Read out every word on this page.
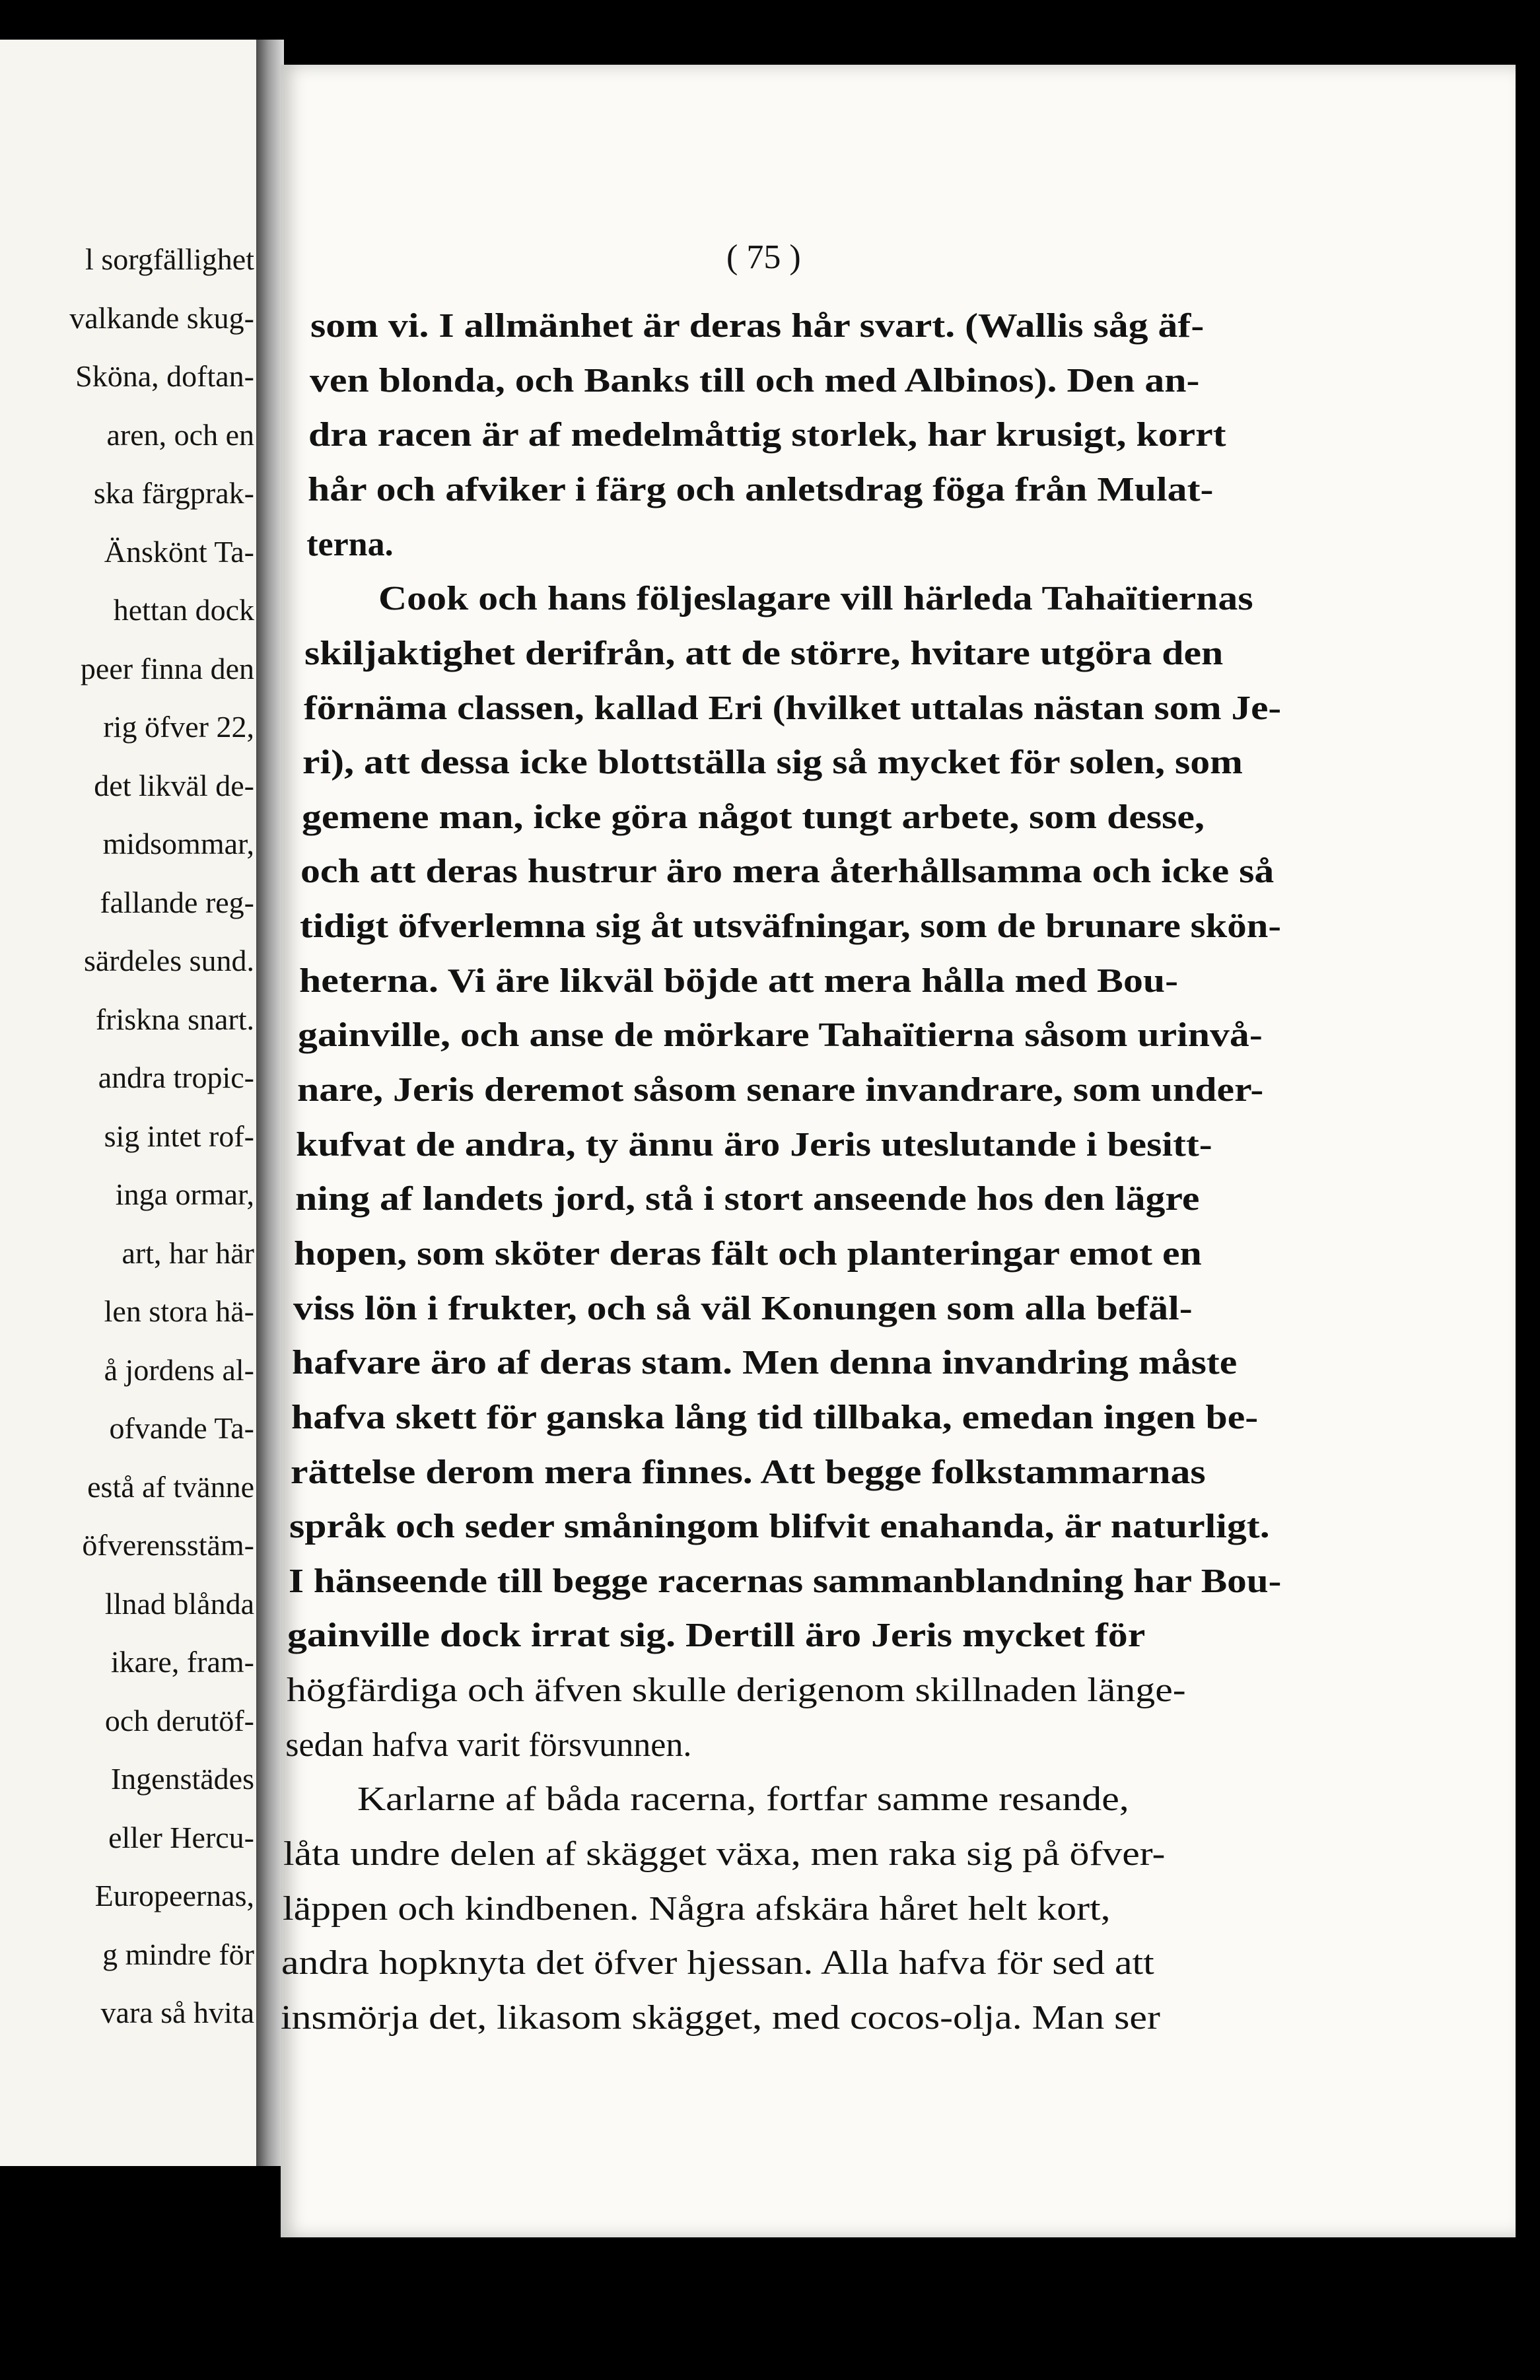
l sorgfällighet
valkande skug-
Sköna, doftan-
aren, och en
ska färgprak-
Änskönt Ta-
hettan dock
peer finna den
rig öfver 22,
det likväl de-
midsommar,
fallande reg-
särdeles sund.
friskna snart.
andra tropic-
sig intet rof-
inga ormar,
art, har här
len stora hä-
å jordens al-
ofvande Ta-
estå af tvänne
öfverensstäm-
llnad blånda
ikare, fram-
och derutöf-
Ingenstädes
eller Hercu-
Europeernas,
g mindre för
vara så hvita
( 75 )
som vi. I allmänhet är deras hår svart. (Wallis såg äf-
ven blonda, och Banks till och med Albinos). Den an-
dra racen är af medelmåttig storlek, har krusigt, korrt
hår och afviker i färg och anletsdrag föga från Mulat-
terna.
Cook och hans följeslagare vill härleda Tahaïtiernas
skiljaktighet derifrån, att de större, hvitare utgöra den
förnäma classen, kallad Eri (hvilket uttalas nästan som Je-
ri), att dessa icke blottställa sig så mycket för solen, som
gemene man, icke göra något tungt arbete, som desse,
och att deras hustrur äro mera återhållsamma och icke så
tidigt öfverlemna sig åt utsväfningar, som de brunare skön-
heterna. Vi äre likväl böjde att mera hålla med Bou-
gainville, och anse de mörkare Tahaïtierna såsom urinvå-
nare, Jeris deremot såsom senare invandrare, som under-
kufvat de andra, ty ännu äro Jeris uteslutande i besitt-
ning af landets jord, stå i stort anseende hos den lägre
hopen, som sköter deras fält och planteringar emot en
viss lön i frukter, och så väl Konungen som alla befäl-
hafvare äro af deras stam. Men denna invandring måste
hafva skett för ganska lång tid tillbaka, emedan ingen be-
rättelse derom mera finnes. Att begge folkstammarnas
språk och seder småningom blifvit enahanda, är naturligt.
I hänseende till begge racernas sammanblandning har Bou-
gainville dock irrat sig. Dertill äro Jeris mycket för
högfärdiga och äfven skulle derigenom skillnaden länge-
sedan hafva varit försvunnen.
Karlarne af båda racerna, fortfar samme resande,
låta undre delen af skägget växa, men raka sig på öfver-
läppen och kindbenen. Några afskära håret helt kort,
andra hopknyta det öfver hjessan. Alla hafva för sed att
insmörja det, likasom skägget, med cocos-olja. Man ser
